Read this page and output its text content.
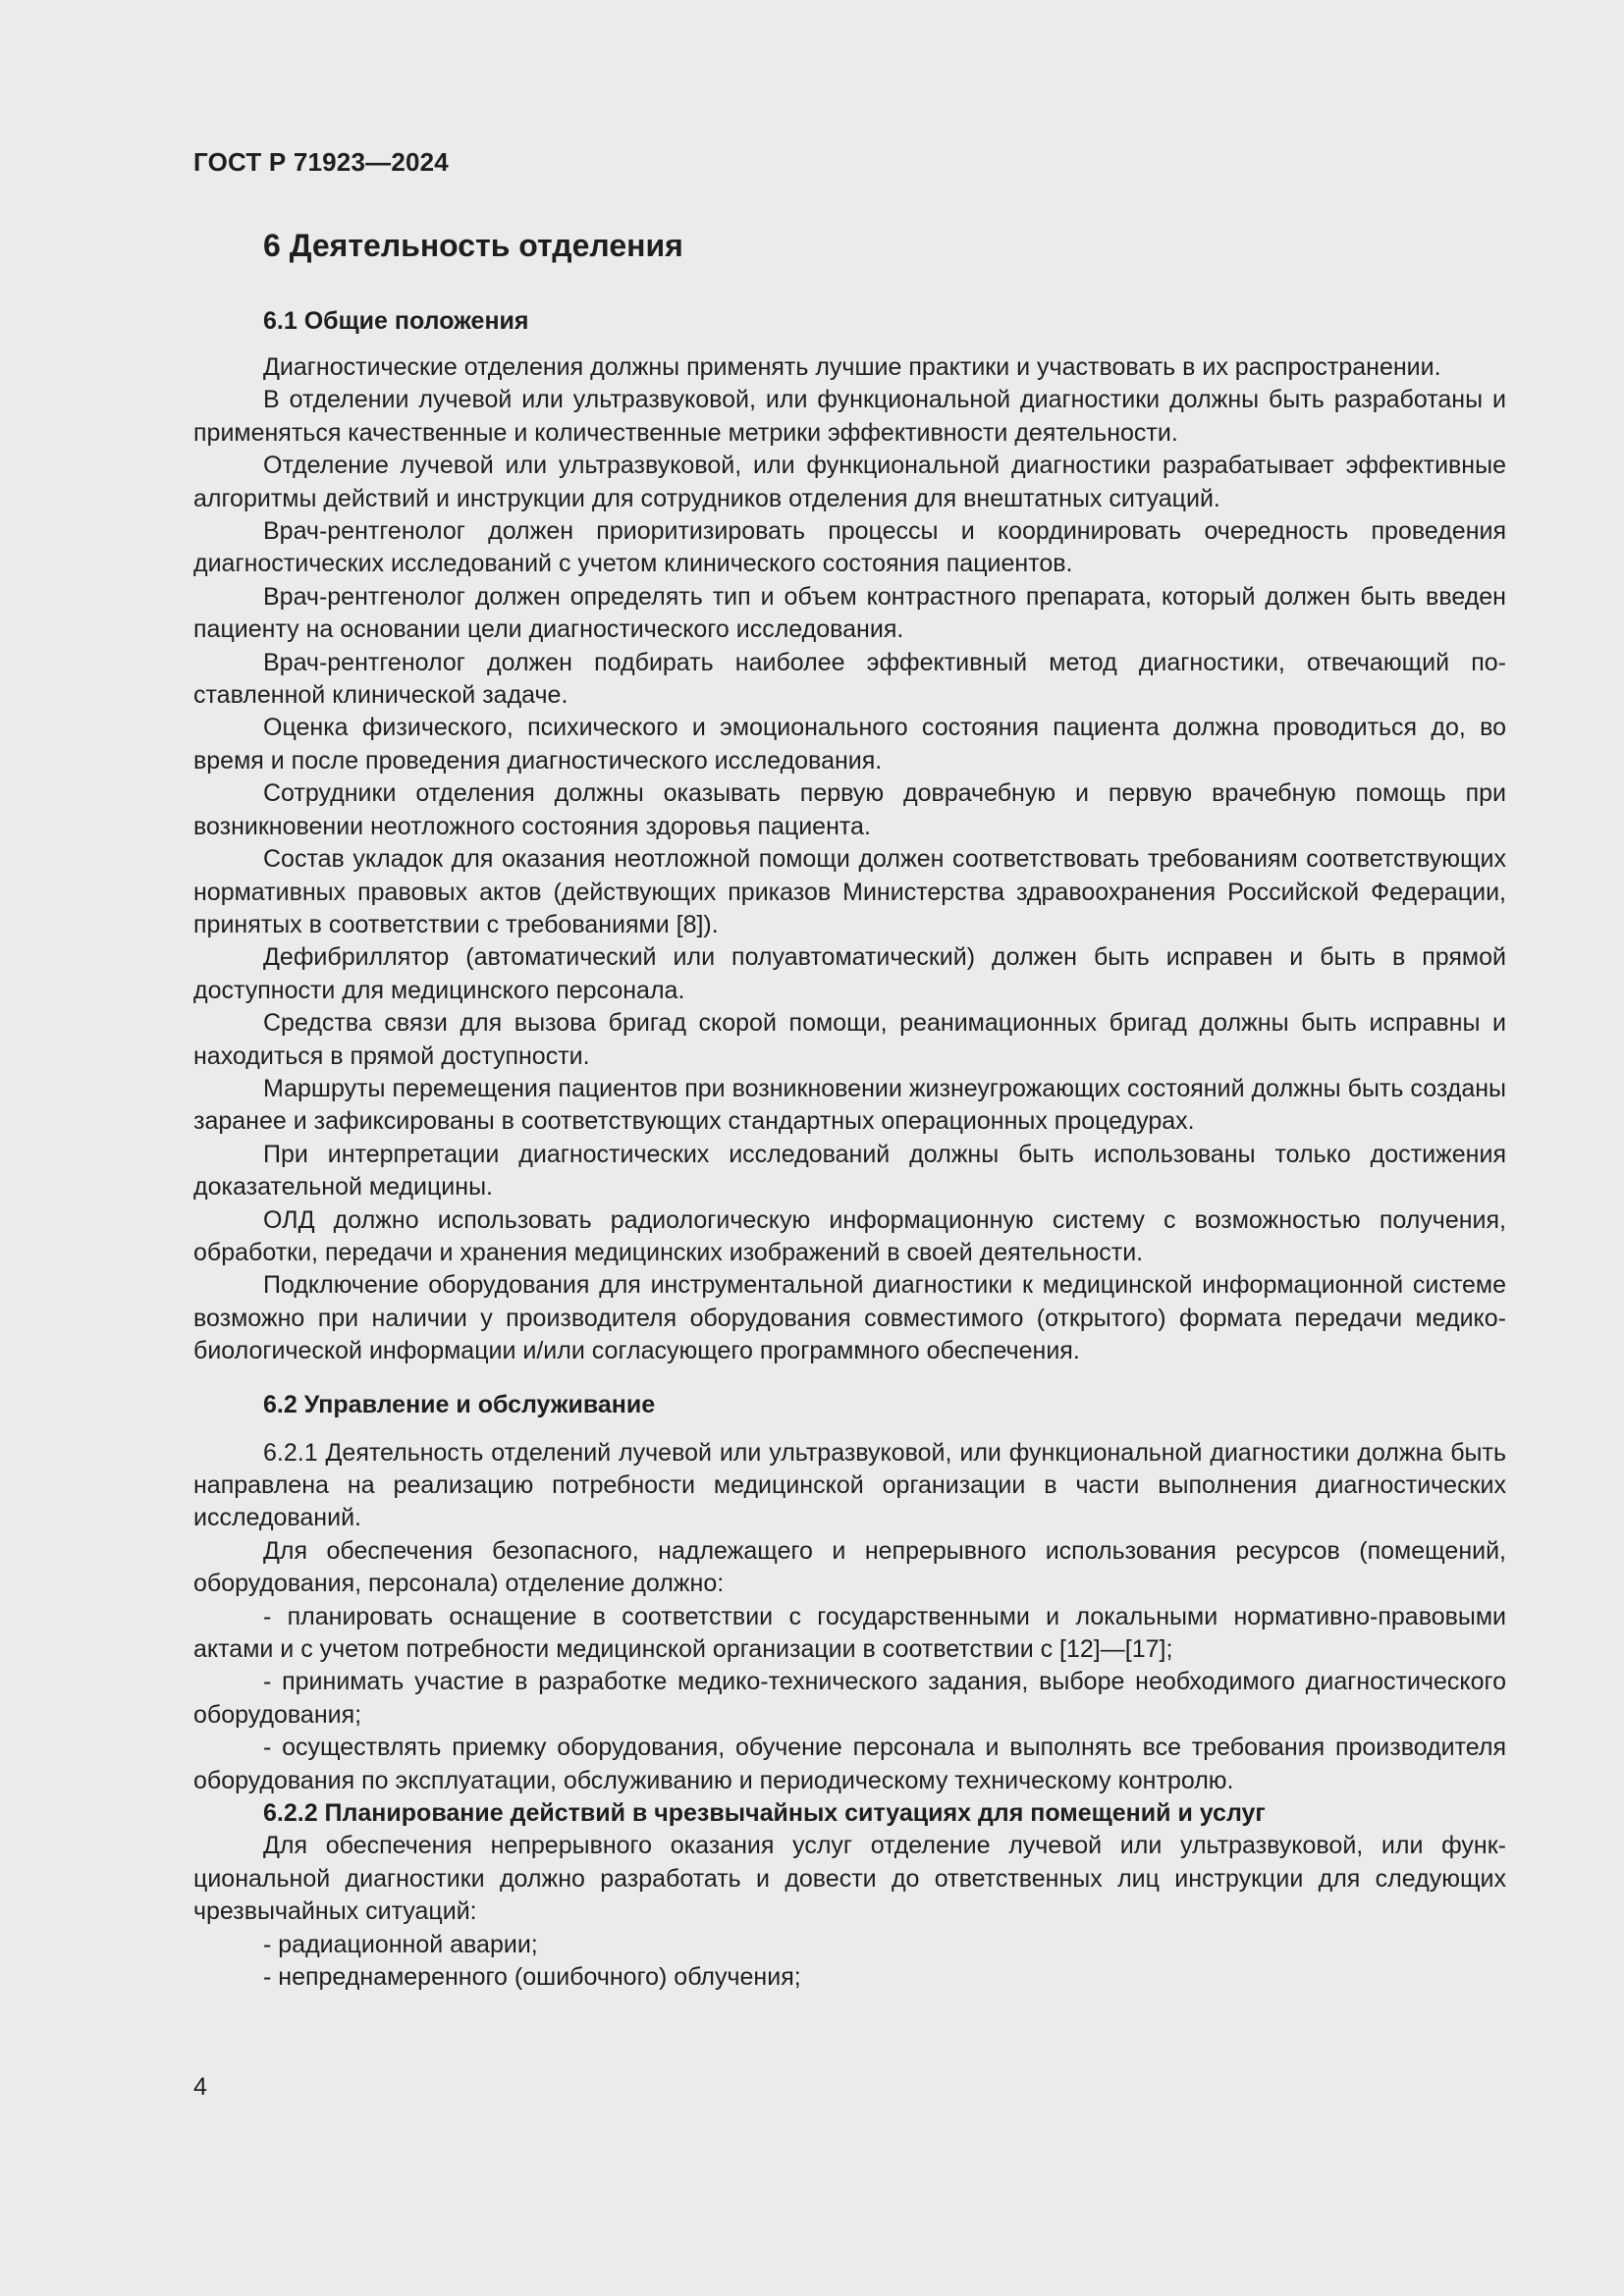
ГОСТ Р 71923—2024
6 Деятельность отделения
6.1 Общие положения

Диагностические отделения должны применять лучшие практики и участвовать в их распространении.

В отделении лучевой или ультразвуковой, или функциональной диагностики должны быть разработаны и применяться качественные и количественные метрики эффективности деятельности.

Отделение лучевой или ультразвуковой, или функциональной диагностики разрабатывает эффективные алгоритмы действий и инструкции для сотрудников отделения для внештатных ситуаций.

Врач-рентгенолог должен приоритизировать процессы и координировать очередность проведения диагностических исследований с учетом клинического состояния пациентов.

Врач-рентгенолог должен определять тип и объем контрастного препарата, который должен быть введен пациенту на основании цели диагностического исследования.

Врач-рентгенолог должен подбирать наиболее эффективный метод диагностики, отвечающий поставленной клинической задаче.

Оценка физического, психического и эмоционального состояния пациента должна проводиться до, во время и после проведения диагностического исследования.

Сотрудники отделения должны оказывать первую доврачебную и первую врачебную помощь при возникновении неотложного состояния здоровья пациента.

Состав укладок для оказания неотложной помощи должен соответствовать требованиям соответствующих нормативных правовых актов (действующих приказов Министерства здравоохранения Российской Федерации, принятых в соответствии с требованиями [8]).

Дефибриллятор (автоматический или полуавтоматический) должен быть исправен и быть в прямой доступности для медицинского персонала.

Средства связи для вызова бригад скорой помощи, реанимационных бригад должны быть исправны и находиться в прямой доступности.

Маршруты перемещения пациентов при возникновении жизнеугрожающих состояний должны быть созданы заранее и зафиксированы в соответствующих стандартных операционных процедурах.

При интерпретации диагностических исследований должны быть использованы только достижения доказательной медицины.

ОЛД должно использовать радиологическую информационную систему с возможностью получения, обработки, передачи и хранения медицинских изображений в своей деятельности.

Подключение оборудования для инструментальной диагностики к медицинской информационной системе возможно при наличии у производителя оборудования совместимого (открытого) формата передачи медико-биологической информации и/или согласующего программного обеспечения.

6.2 Управление и обслуживание

6.2.1 Деятельность отделений лучевой или ультразвуковой, или функциональной диагностики должна быть направлена на реализацию потребности медицинской организации в части выполнения диагностических исследований.

Для обеспечения безопасного, надлежащего и непрерывного использования ресурсов (помещений, оборудования, персонала) отделение должно:

- планировать оснащение в соответствии с государственными и локальными нормативно-правовыми актами и с учетом потребности медицинской организации в соответствии с [12]—[17];

- принимать участие в разработке медико-технического задания, выборе необходимого диагностического оборудования;

- осуществлять приемку оборудования, обучение персонала и выполнять все требования производителя оборудования по эксплуатации, обслуживанию и периодическому техническому контролю.

6.2.2 Планирование действий в чрезвычайных ситуациях для помещений и услуг

Для обеспечения непрерывного оказания услуг отделение лучевой или ультразвуковой, или функциональной диагностики должно разработать и довести до ответственных лиц инструкции для следующих чрезвычайных ситуаций:

- радиационной аварии;

- непреднамеренного (ошибочного) облучения;

4
